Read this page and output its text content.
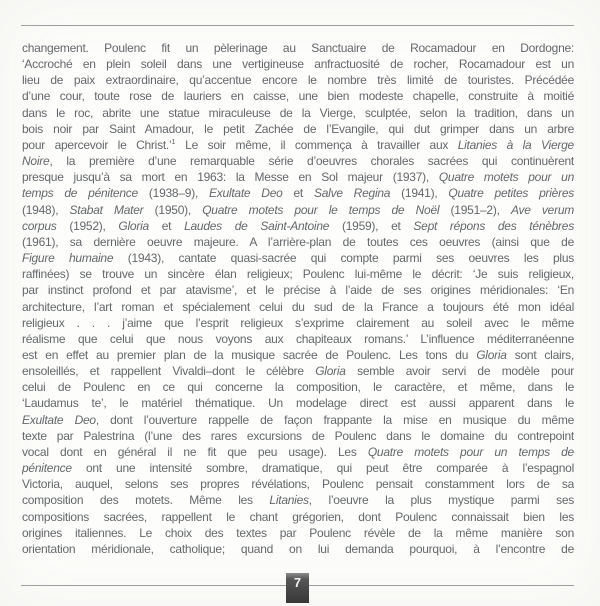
changement. Poulenc fit un pèlerinage au Sanctuaire de Rocamadour en Dordogne:
‘Accroché en plein soleil dans une vertigineuse anfractuosité de rocher, Rocamadour est un
lieu de paix extraordinaire, qu’accentue encore le nombre très limité de touristes. Précédée
d’une cour, toute rose de lauriers en caisse, une bien modeste chapelle, construite à moitié
dans le roc, abrite une statue miraculeuse de la Vierge, sculptée, selon la tradition, dans un
bois noir par Saint Amadour, le petit Zachée de l’Evangile, qui dut grimper dans un arbre
pour apercevoir le Christ.’$^1$ Le soir même, il commença à travailler aux Litanies à la Vierge
Noire, la première d’une remarquable série d’oeuvres chorales sacrées qui continuèrent
presque jusqu’à sa mort en 1963: la Messe en Sol majeur (1937), Quatre motets pour un
temps de pénitence (1938–9), Exultate Deo et Salve Regina (1941), Quatre petites prières
(1948), Stabat Mater (1950), Quatre motets pour le temps de Noël (1951–2), Ave verum
corpus (1952), Gloria et Laudes de Saint-Antoine (1959), et Sept répons des ténèbres
(1961), sa dernière oeuvre majeure. A l’arrière-plan de toutes ces oeuvres (ainsi que de
Figure humaine (1943), cantate quasi-sacrée qui compte parmi ses oeuvres les plus
raffinées) se trouve un sincère élan religieux; Poulenc lui-même le décrit: ‘Je suis religieux,
par instinct profond et par atavisme’, et le précise à l’aide de ses origines méridionales: ‘En
architecture, l’art roman et spécialement celui du sud de la France a toujours été mon idéal
religieux . . . j’aime que l’esprit religieux s’exprime clairement au soleil avec le même
réalisme que celui que nous voyons aux chapiteaux romans.’ L’influence méditerranéenne
est en effet au premier plan de la musique sacrée de Poulenc. Les tons du Gloria sont clairs,
ensoleillés, et rappellent Vivaldi–dont le célèbre Gloria semble avoir servi de modèle pour
celui de Poulenc en ce qui concerne la composition, le caractère, et même, dans le
‘Laudamus te’, le matériel thématique. Un modelage direct est aussi apparent dans le
Exultate Deo, dont l’ouverture rappelle de façon frappante la mise en musique du même
texte par Palestrina (l’une des rares excursions de Poulenc dans le domaine du contrepoint
vocal dont en général il ne fit que peu usage). Les Quatre motets pour un temps de
pénitence ont une intensité sombre, dramatique, qui peut être comparée à l’espagnol
Victoria, auquel, selons ses propres révélations, Poulenc pensait constamment lors de sa
composition des motets. Même les Litanies, l’oeuvre la plus mystique parmi ses
compositions sacrées, rappellent le chant grégorien, dont Poulenc connaissait bien les
origines italiennes. Le choix des textes par Poulenc révèle de la même manière son
orientation méridionale, catholique; quand on lui demanda pourquoi, à l’encontre de
7
